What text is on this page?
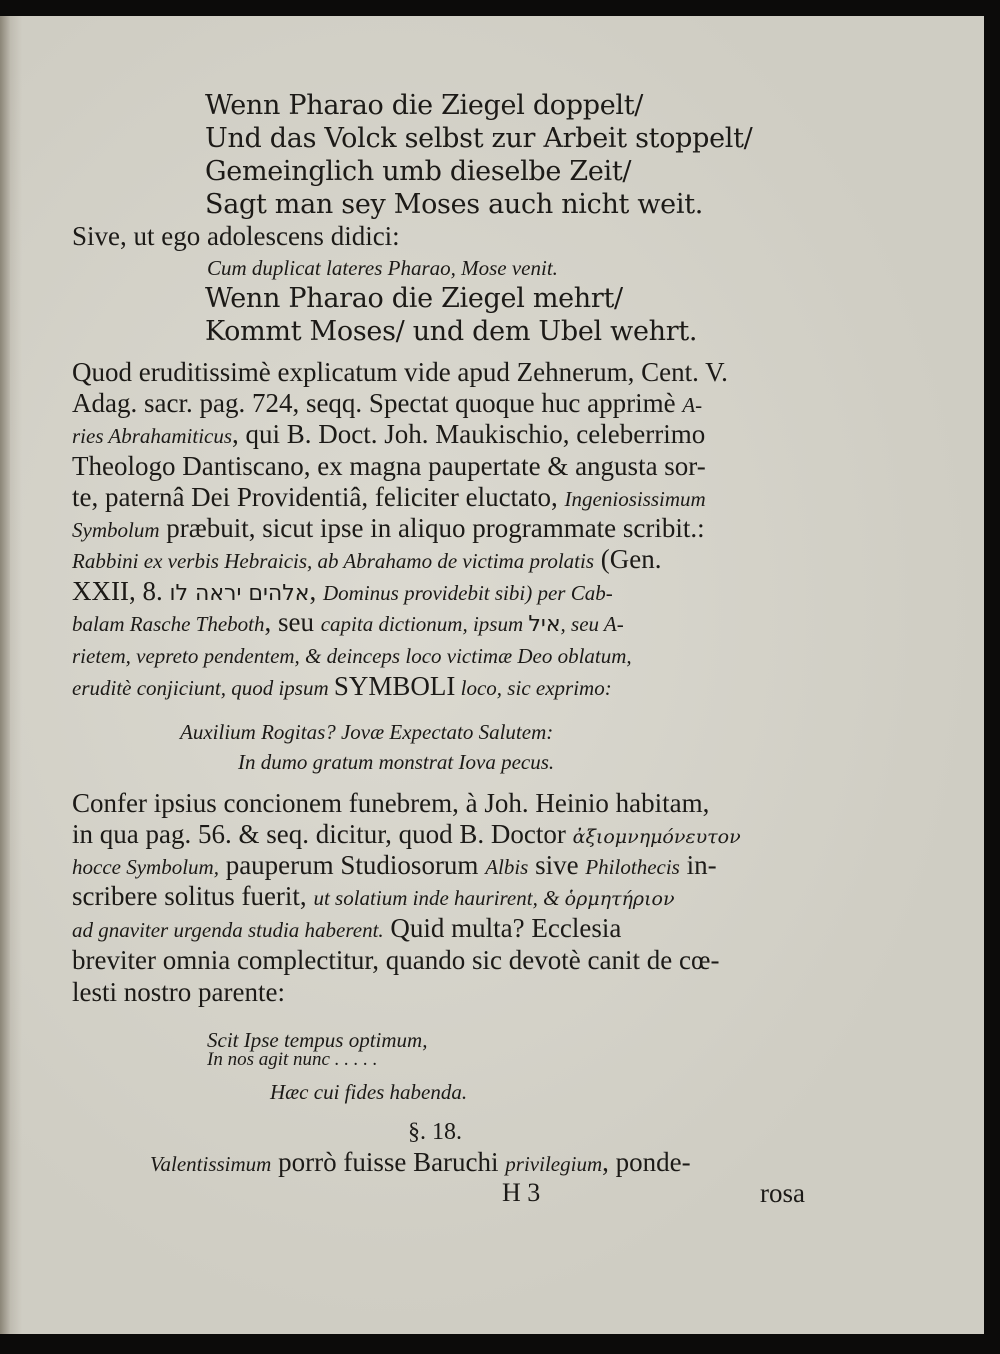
Wenn Pharao die Ziegel doppelt/
Und das Volck selbst zur Arbeit stoppelt/
Gemeinglich umb dieselbe Zeit/
Sagt man sey Moses auch nicht weit.
Sive, ut ego adolescens didici:
Cum duplicat lateres Pharao, Mose venit.
Wenn Pharao die Ziegel mehrt/
Kommt Moses/ und dem Ubel wehrt.
Quod eruditissimè explicatum vide apud Zehnerum, Cent. V.
Adag. sacr. pag. 724, seqq. Spectat quoque huc apprimè A-
ries Abrahamiticus, qui B. Doct. Joh. Maukischio, celeberrimo
Theologo Dantiscano, ex magna paupertate & angusta sor-
te, paternâ Dei Providentiâ, feliciter eluctato, Ingeniosissimum
Symbolum præbuit, sicut ipse in aliquo programmate scribit.:
Rabbini ex verbis Hebraicis, ab Abrahamo de victima prolatis (Gen.
XXII, 8. אלהים יראה לו, Dominus providebit sibi) per Cab-
balam Rasche Theboth, seu capita dictionum, ipsum איל, seu A-
rietem, vepreto pendentem, & deinceps loco victimæ Deo oblatum,
eruditè conjiciunt, quod ipsum SYMBOLI loco, sic exprimo:
Auxilium Rogitas? Jovæ Expectato Salutem:
In dumo gratum monstrat Iova pecus.
Confer ipsius concionem funebrem, à Joh. Heinio habitam,
in qua pag. 56. & seq. dicitur, quod B. Doctor ἀξιομνημόνευτον
hocce Symbolum, pauperum Studiosorum Albis sive Philothecis in-
scribere solitus fuerit, ut solatium inde haurirent, & ὁρμητήριον
ad gnaviter urgenda studia haberent. Quid multa? Ecclesia
breviter omnia complectitur, quando sic devotè canit de cœ-
lesti nostro parente:
Scit Ipse tempus optimum,
In nos agit nunc . . . . .
Hæc cui fides habenda.
§. 18.
Valentissimum porrò fuisse Baruchi privilegium, ponde-
H 3	rosa
